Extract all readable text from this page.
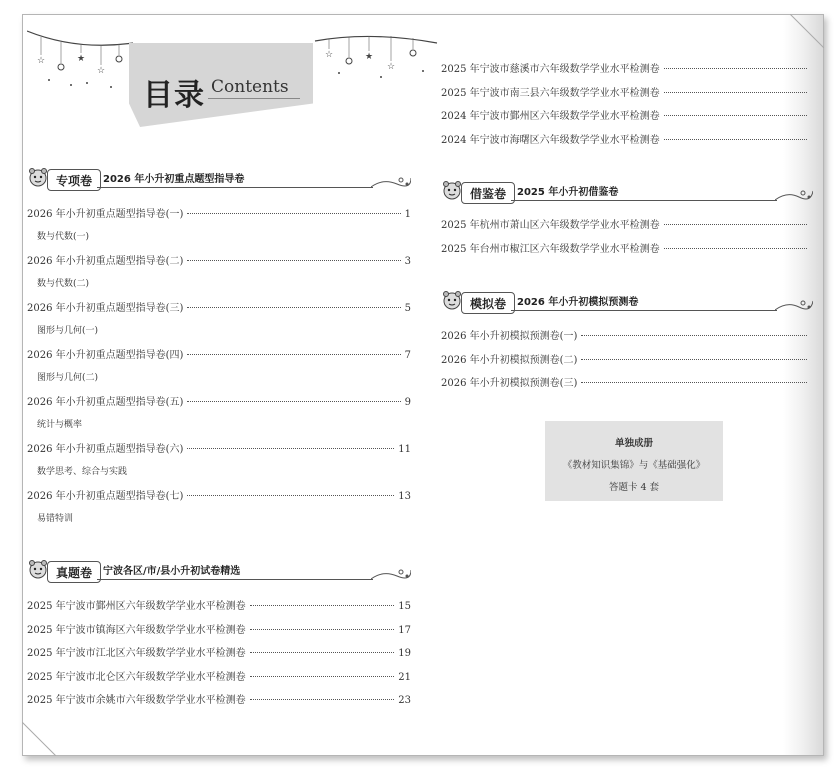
☆	★
☆
☆	★
☆
目录 Contents
专项卷	2026 年小升初重点题型指导卷
2026 年小升初重点题型指导卷(一)	1
数与代数(一)
2026 年小升初重点题型指导卷(二)	3
数与代数(二)
2026 年小升初重点题型指导卷(三)	5
图形与几何(一)
2026 年小升初重点题型指导卷(四)	7
图形与几何(二)
2026 年小升初重点题型指导卷(五)	9
统计与概率
2026 年小升初重点题型指导卷(六)	11
数学思考、综合与实践
2026 年小升初重点题型指导卷(七)	13
易错特训
真题卷	宁波各区/市/县小升初试卷精选
2025 年宁波市鄞州区六年级数学学业水平检测卷	15
2025 年宁波市镇海区六年级数学学业水平检测卷	17
2025 年宁波市江北区六年级数学学业水平检测卷	19
2025 年宁波市北仑区六年级数学学业水平检测卷	21
2025 年宁波市余姚市六年级数学学业水平检测卷	23
2025 年宁波市慈溪市六年级数学学业水平检测卷
2025 年宁波市南三县六年级数学学业水平检测卷
2024 年宁波市鄞州区六年级数学学业水平检测卷
2024 年宁波市海曙区六年级数学学业水平检测卷
借鉴卷	2025 年小升初借鉴卷
2025 年杭州市萧山区六年级数学学业水平检测卷
2025 年台州市椒江区六年级数学学业水平检测卷
模拟卷	2026 年小升初模拟预测卷
2026 年小升初模拟预测卷(一)
2026 年小升初模拟预测卷(二)
2026 年小升初模拟预测卷(三)
单独成册
《教材知识集锦》与《基础强化》
答题卡 4 套
